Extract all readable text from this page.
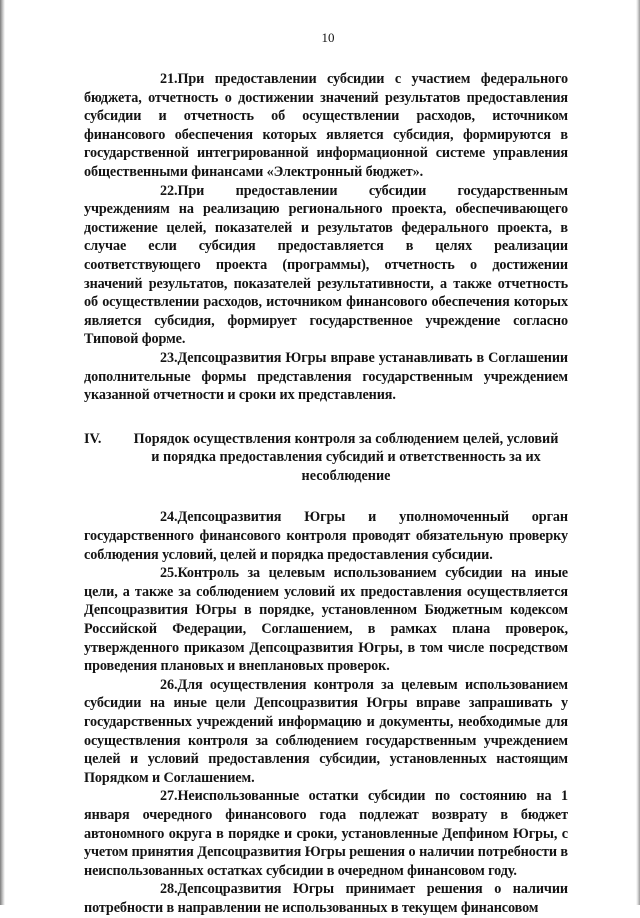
10

21.При предоставлении субсидии с участием федерального бюджета, отчетность о достижении значений результатов предоставления субсидии и отчетность об осуществлении расходов, источником финансового обеспечения которых является субсидия, формируются в государственной интегрированной информационной системе управления общественными финансами «Электронный бюджет».

22.При предоставлении субсидии государственным учреждениям на реализацию регионального проекта, обеспечивающего достижение целей, показателей и результатов федерального проекта, в случае если субсидия предоставляется в целях реализации соответствующего проекта (программы), отчетность о достижении значений результатов, показателей результативности, а также отчетность об осуществлении расходов, источником финансового обеспечения которых является субсидия, формирует государственное учреждение согласно Типовой форме.

23.Депсоцразвития Югры вправе устанавливать в Соглашении дополнительные формы представления государственным учреждением указанной отчетности и сроки их представления.

IV.	Порядок осуществления контроля за соблюдением целей, условий и порядка предоставления субсидий и ответственность за их несоблюдение

24.Депсоцразвития Югры и уполномоченный орган государственного финансового контроля проводят обязательную проверку соблюдения условий, целей и порядка предоставления субсидии.

25.Контроль за целевым использованием субсидии на иные цели, а также за соблюдением условий их предоставления осуществляется Депсоцразвития Югры в порядке, установленном Бюджетным кодексом Российской Федерации, Соглашением, в рамках плана проверок, утвержденного приказом Депсоцразвития Югры, в том числе посредством проведения плановых и внеплановых проверок.

26.Для осуществления контроля за целевым использованием субсидии на иные цели Депсоцразвития Югры вправе запрашивать у государственных учреждений информацию и документы, необходимые для осуществления контроля за соблюдением государственным учреждением целей и условий предоставления субсидии, установленных настоящим Порядком и Соглашением.

27.Неиспользованные остатки субсидии по состоянию на 1 января очередного финансового года подлежат возврату в бюджет автономного округа в порядке и сроки, установленные Депфином Югры, с учетом принятия Депсоцразвития Югры решения о наличии потребности в неиспользованных остатках субсидии в очередном финансовом году.

28.Депсоцразвития Югры принимает решения о наличии потребности в направлении не использованных в текущем финансовом
